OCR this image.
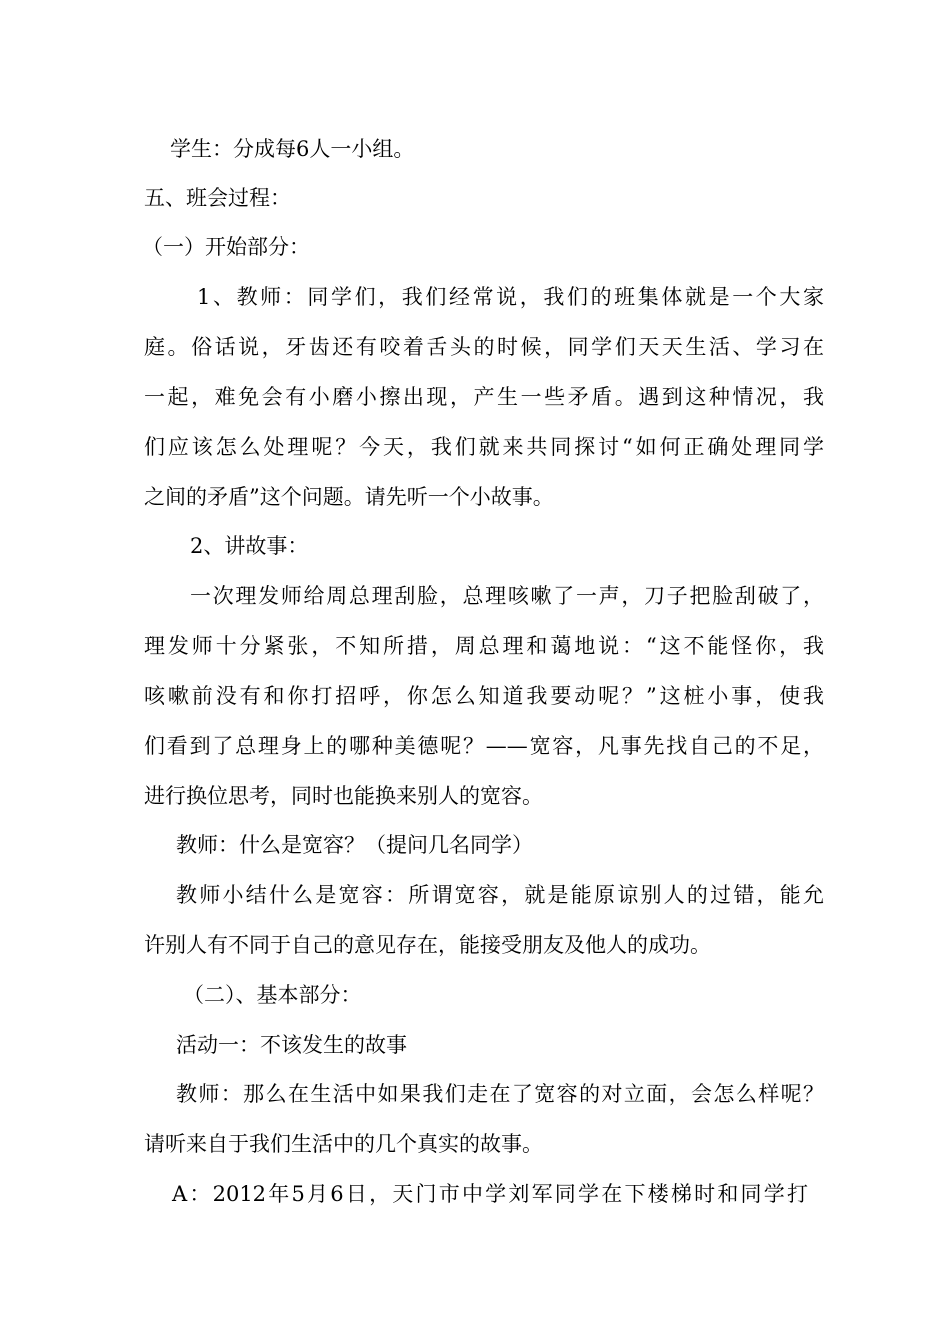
学生：分成每6人一小组。
五、班会过程：
（一）开始部分：
1、教师：同学们，我们经常说，我们的班集体就是一个大家
庭。俗话说，牙齿还有咬着舌头的时候，同学们天天生活、学习在
一起，难免会有小磨小擦出现，产生一些矛盾。遇到这种情况，我
们应该怎么处理呢？今天，我们就来共同探讨“如何正确处理同学
之间的矛盾”这个问题。请先听一个小故事。
2、讲故事：
一次理发师给周总理刮脸，总理咳嗽了一声，刀子把脸刮破了，
理发师十分紧张，不知所措，周总理和蔼地说：“这不能怪你，我
咳嗽前没有和你打招呼，你怎么知道我要动呢？”这桩小事，使我
们看到了总理身上的哪种美德呢？——宽容，凡事先找自己的不足，
进行换位思考，同时也能换来别人的宽容。
教师：什么是宽容？（提问几名同学）
教师小结什么是宽容：所谓宽容，就是能原谅别人的过错，能允
许别人有不同于自己的意见存在，能接受朋友及他人的成功。
（二）、基本部分：
活动一：不该发生的故事
教师：那么在生活中如果我们走在了宽容的对立面，会怎么样呢？
请听来自于我们生活中的几个真实的故事。
A：2012年5月6日，天门市中学刘军同学在下楼梯时和同学打
